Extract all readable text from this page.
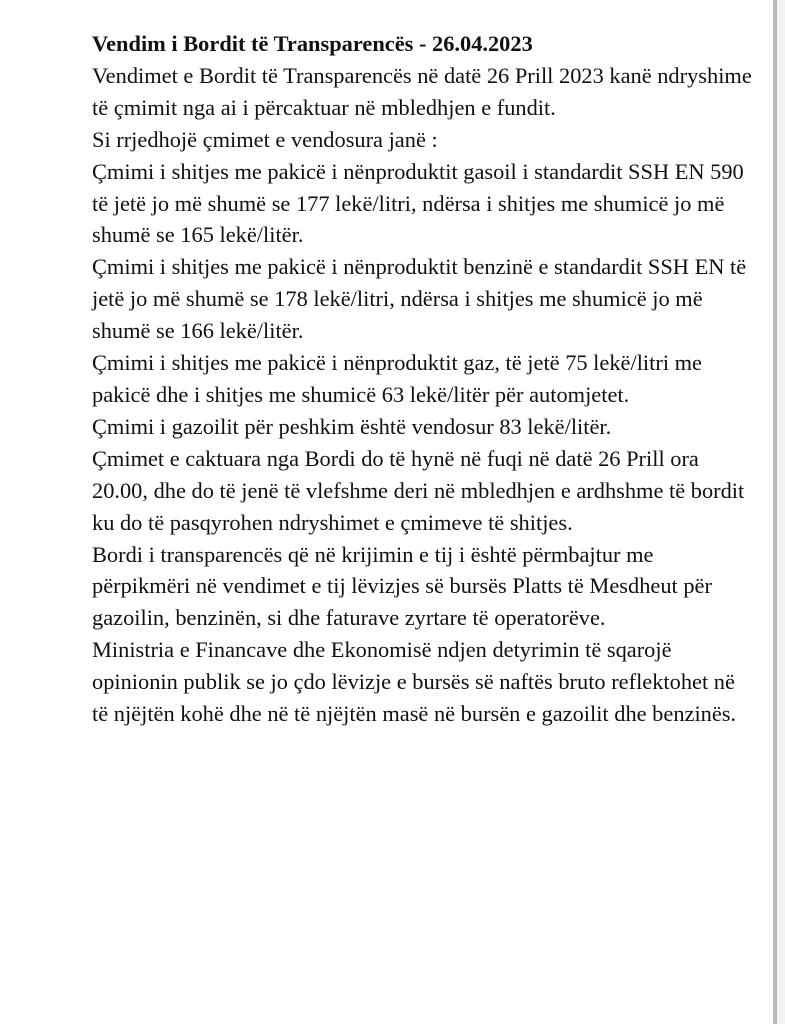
Vendim i Bordit të Transparencës - 26.04.2023

Vendimet e Bordit të Transparencës në datë 26 Prill 2023 kanë ndryshime të çmimit nga ai i përcaktuar në mbledhjen e fundit.

Si rrjedhojë çmimet e vendosura janë :

Çmimi i shitjes me pakicë i nënproduktit gasoil i standardit SSH EN 590 të jetë jo më shumë se 177 lekë/litri, ndërsa i shitjes me shumicë jo më shumë se 165 lekë/litër.

Çmimi i shitjes me pakicë i nënproduktit benzinë e standardit SSH EN të jetë jo më shumë se 178 lekë/litri, ndërsa i shitjes me shumicë jo më shumë se 166 lekë/litër.

Çmimi i shitjes me pakicë i nënproduktit gaz, të jetë 75 lekë/litri me pakicë dhe i shitjes me shumicë 63 lekë/litër për automjetet.

Çmimi i gazoilit për peshkim është vendosur 83 lekë/litër.

Çmimet e caktuara nga Bordi do të hynë në fuqi në datë 26 Prill ora 20.00, dhe do të jenë të vlefshme deri në mbledhjen e ardhshme të bordit ku do të pasqyrohen ndryshimet e çmimeve të shitjes.

Bordi i transparencës që në krijimin e tij i është përmbajtur me përpikmëri në vendimet e tij lëvizjes së bursës Platts të Mesdheut për gazoilin, benzinën, si dhe faturave zyrtare të operatorëve.

Ministria e Financave dhe Ekonomisë ndjen detyrimin të sqarojë opinionin publik se jo çdo lëvizje e bursës së naftës bruto reflektohet në të njëjtën kohë dhe në të njëjtën masë në bursën e gazoilit dhe benzinës.
